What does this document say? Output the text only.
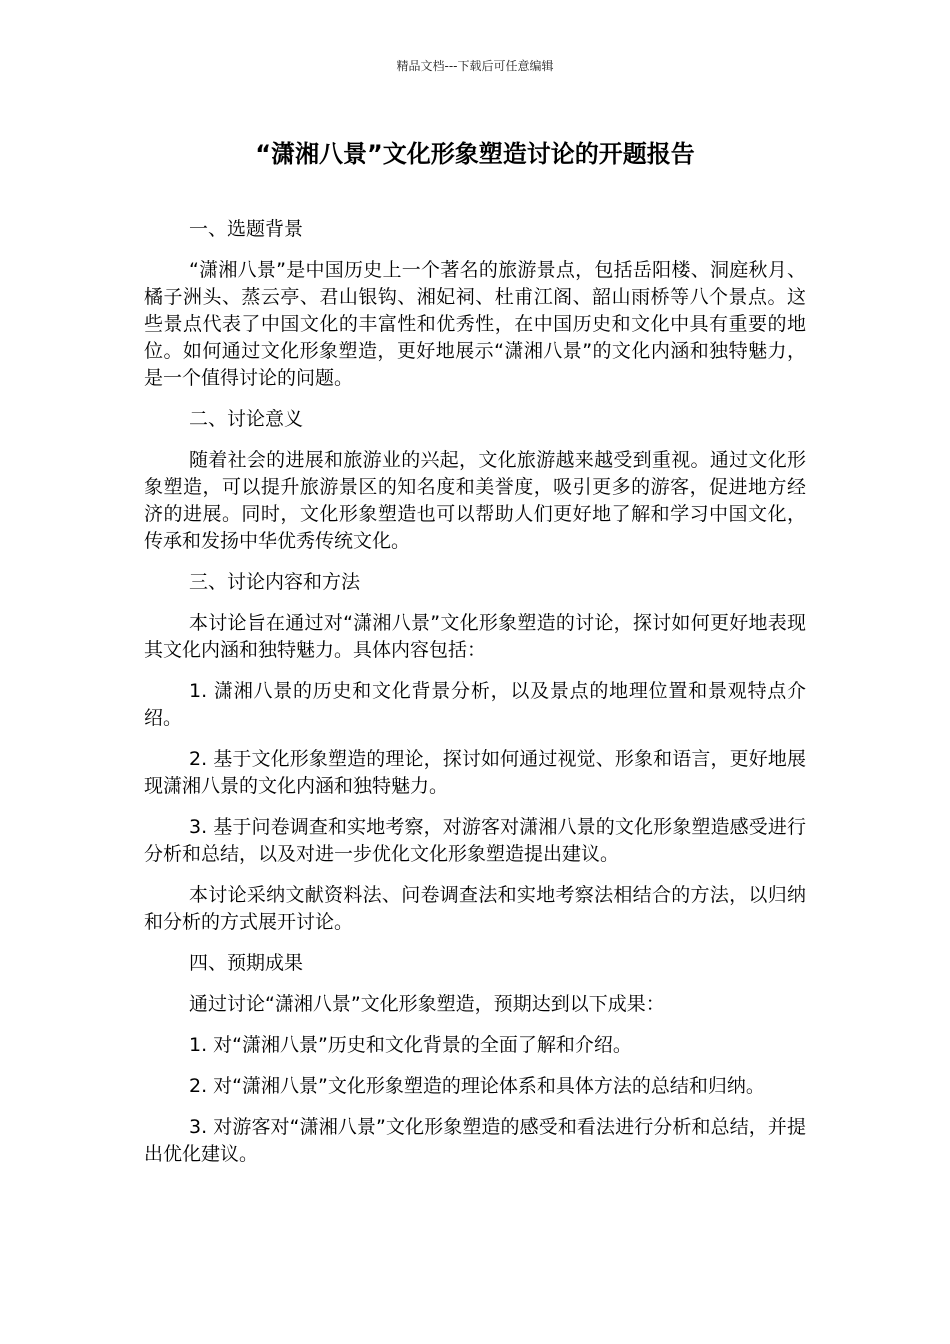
精品文档---下载后可任意编辑
“潇湘八景”文化形象塑造讨论的开题报告

一、选题背景

“潇湘八景”是中国历史上一个著名的旅游景点，包括岳阳楼、洞庭秋月、橘子洲头、蒸云亭、君山银钩、湘妃祠、杜甫江阁、韶山雨桥等八个景点。这些景点代表了中国文化的丰富性和优秀性，在中国历史和文化中具有重要的地位。如何通过文化形象塑造，更好地展示“潇湘八景”的文化内涵和独特魅力，是一个值得讨论的问题。

二、讨论意义

随着社会的进展和旅游业的兴起，文化旅游越来越受到重视。通过文化形象塑造，可以提升旅游景区的知名度和美誉度，吸引更多的游客，促进地方经济的进展。同时，文化形象塑造也可以帮助人们更好地了解和学习中国文化，传承和发扬中华优秀传统文化。

三、讨论内容和方法

本讨论旨在通过对“潇湘八景”文化形象塑造的讨论，探讨如何更好地表现其文化内涵和独特魅力。具体内容包括：

1. 潇湘八景的历史和文化背景分析，以及景点的地理位置和景观特点介绍。

2. 基于文化形象塑造的理论，探讨如何通过视觉、形象和语言，更好地展现潇湘八景的文化内涵和独特魅力。

3. 基于问卷调查和实地考察，对游客对潇湘八景的文化形象塑造感受进行分析和总结，以及对进一步优化文化形象塑造提出建议。

本讨论采纳文献资料法、问卷调查法和实地考察法相结合的方法，以归纳和分析的方式展开讨论。

四、预期成果

通过讨论“潇湘八景”文化形象塑造，预期达到以下成果：

1. 对“潇湘八景”历史和文化背景的全面了解和介绍。

2. 对“潇湘八景”文化形象塑造的理论体系和具体方法的总结和归纳。

3. 对游客对“潇湘八景”文化形象塑造的感受和看法进行分析和总结，并提出优化建议。
